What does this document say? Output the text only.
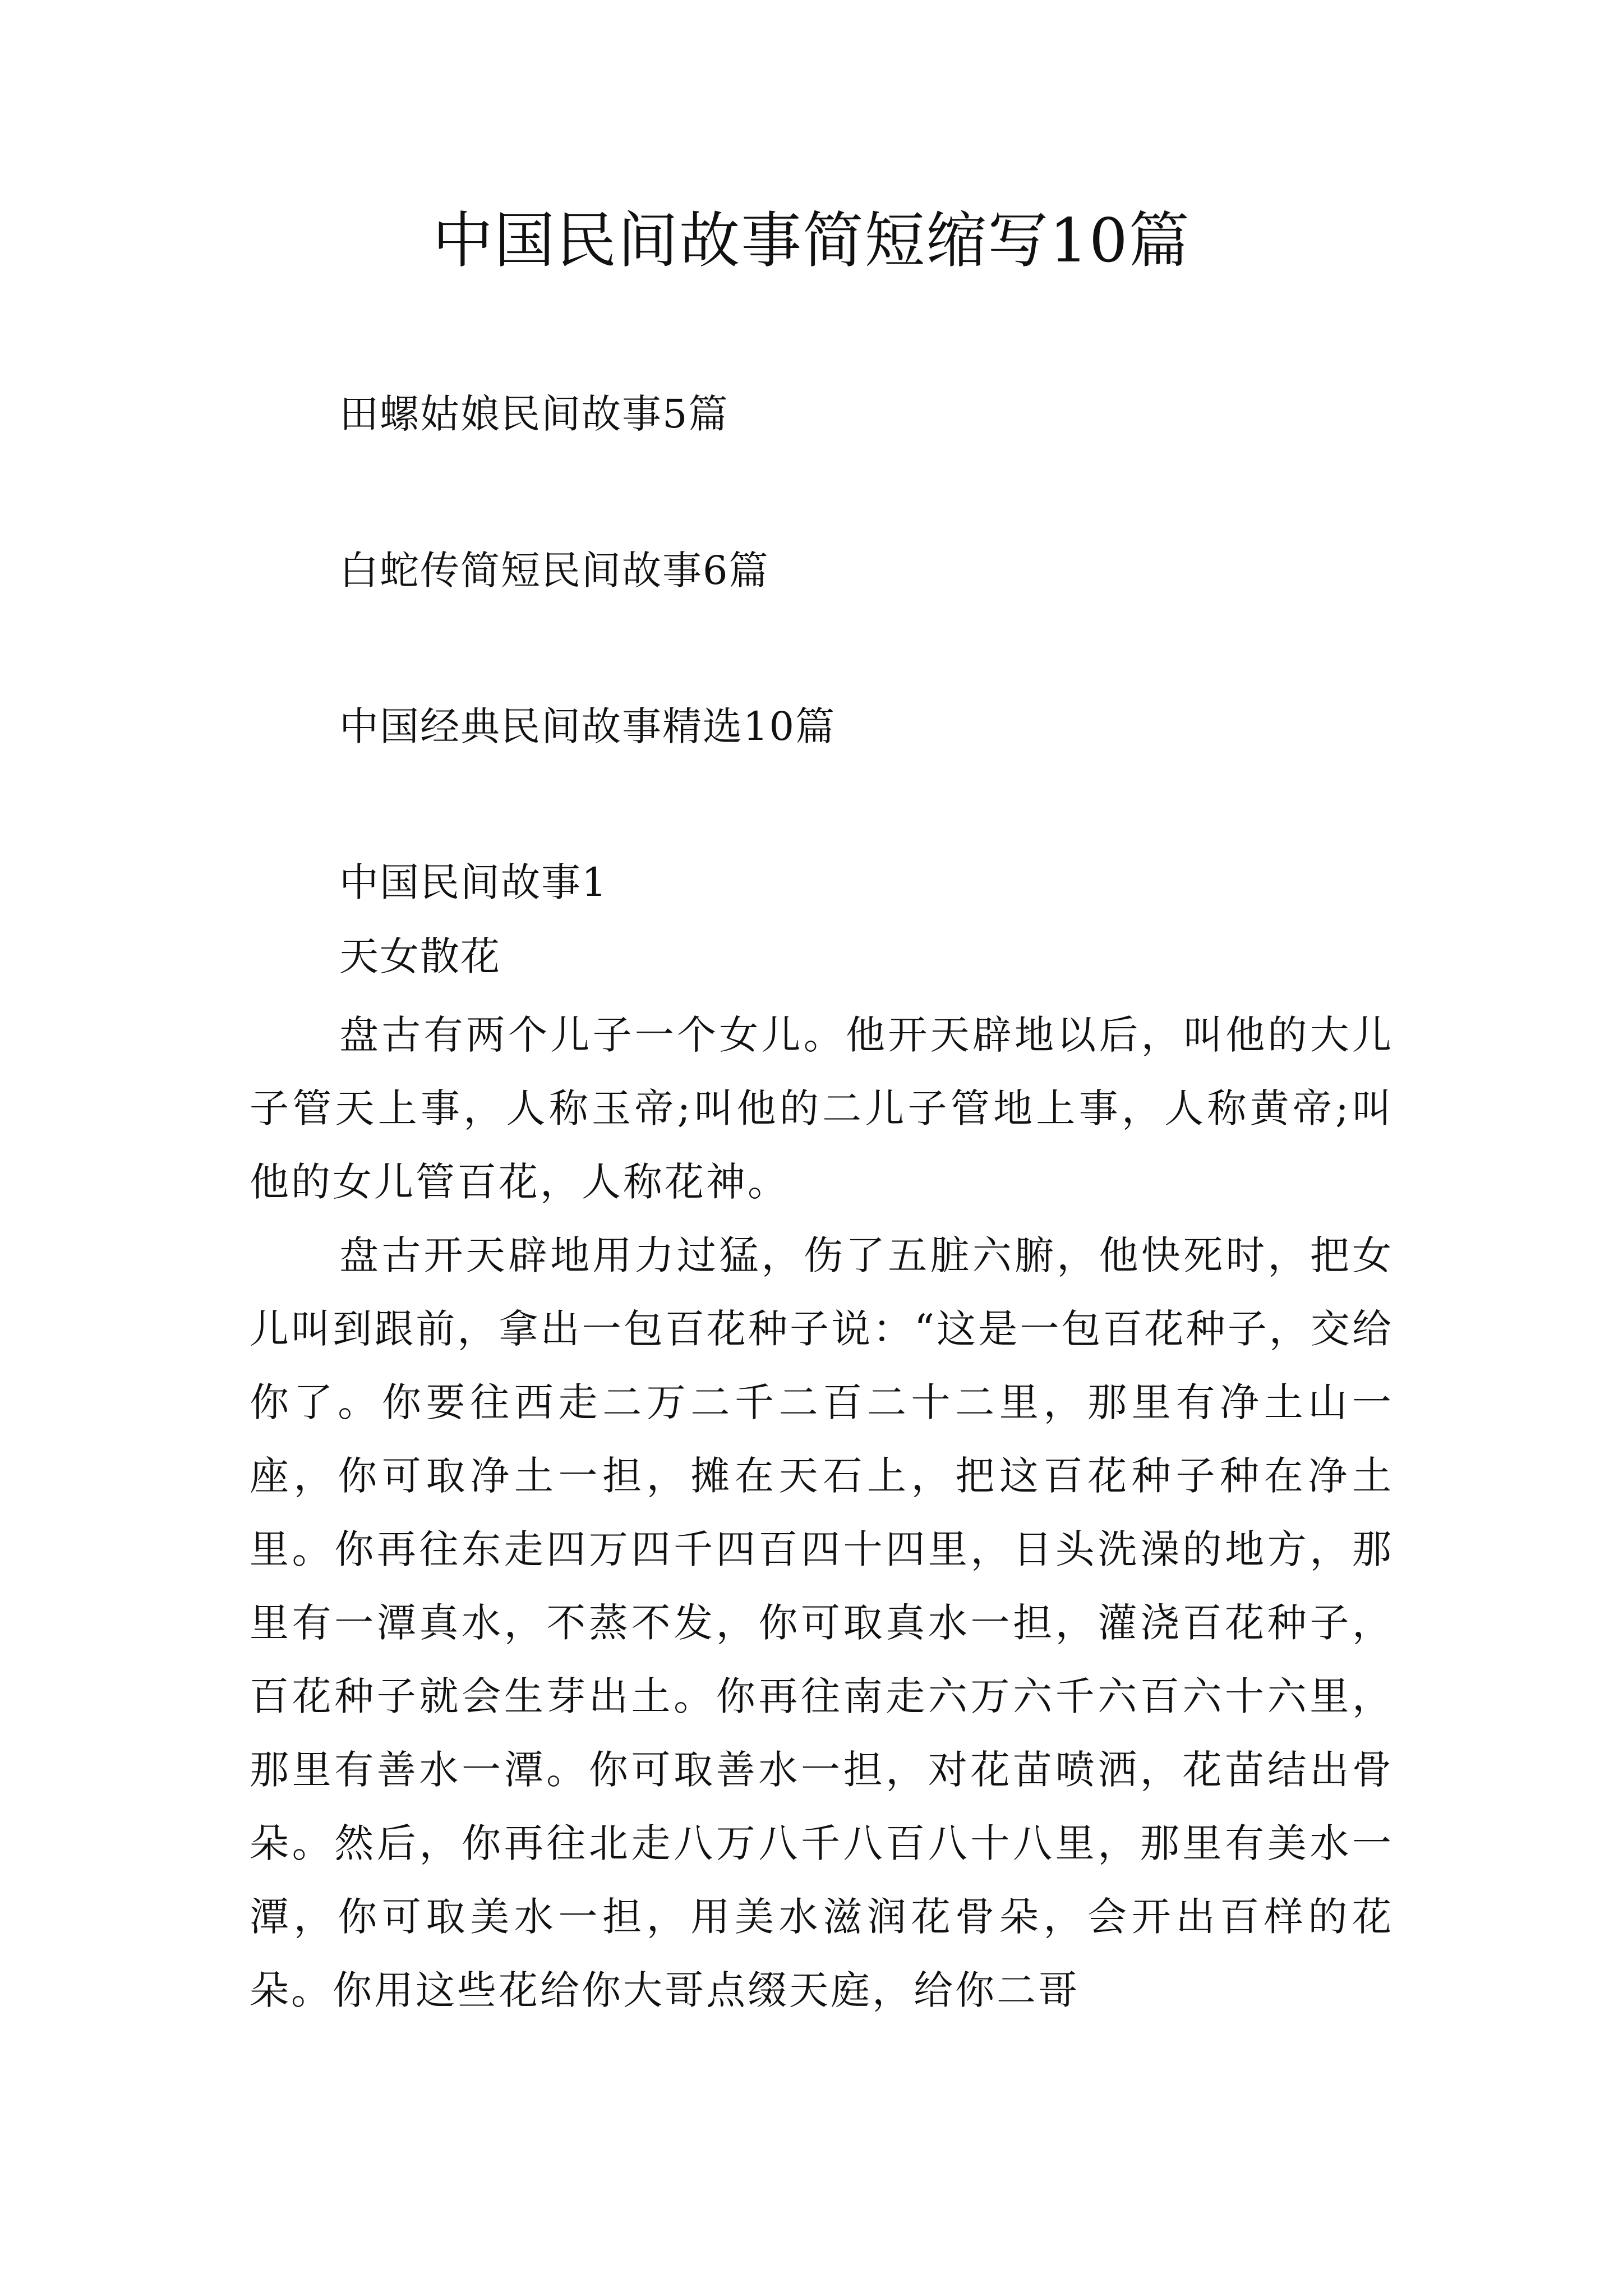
中国民间故事简短缩写10篇

田螺姑娘民间故事5篇

白蛇传简短民间故事6篇

中国经典民间故事精选10篇

中国民间故事1

天女散花

盘古有两个儿子一个女儿。他开天辟地以后，叫他的大儿子管天上事，人称玉帝;叫他的二儿子管地上事，人称黄帝;叫他的女儿管百花，人称花神。

盘古开天辟地用力过猛，伤了五脏六腑，他快死时，把女儿叫到跟前，拿出一包百花种子说：“这是一包百花种子，交给你了。你要往西走二万二千二百二十二里，那里有净土山一座，你可取净土一担，摊在天石上，把这百花种子种在净土里。你再往东走四万四千四百四十四里，日头洗澡的地方，那里有一潭真水，不蒸不发，你可取真水一担，灌浇百花种子，百花种子就会生芽出土。你再往南走六万六千六百六十六里，那里有善水一潭。你可取善水一担，对花苗喷洒，花苗结出骨朵。然后，你再往北走八万八千八百八十八里，那里有美水一潭，你可取美水一担，用美水滋润花骨朵，会开出百样的花朵。你用这些花给你大哥点缀天庭，给你二哥
